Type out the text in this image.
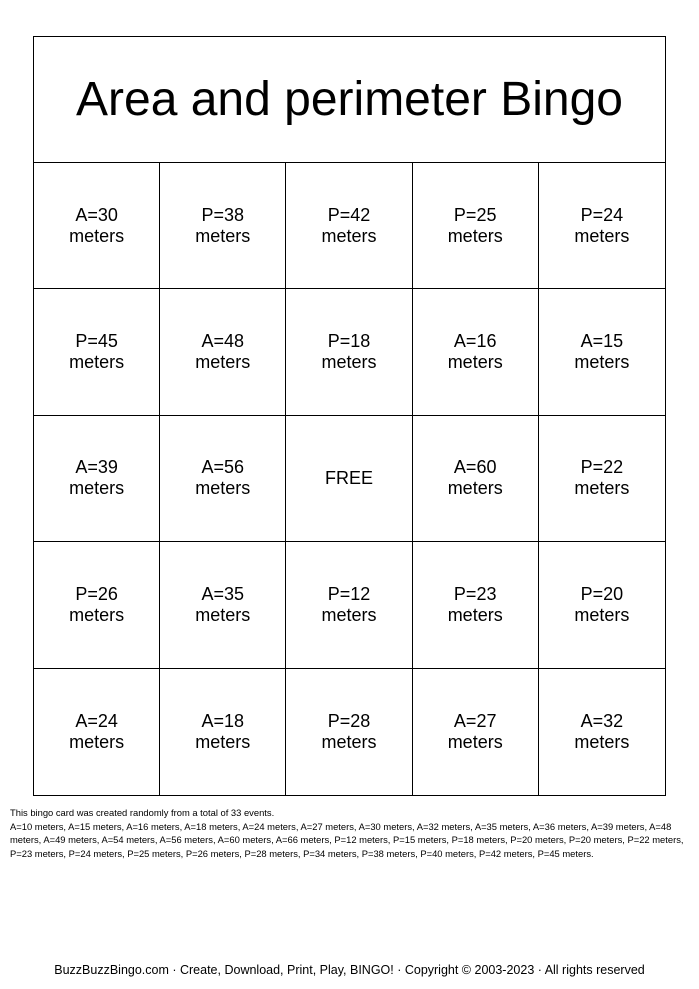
Area and perimeter Bingo
A=30
meters
P=38
meters
P=42
meters
P=25
meters
P=24
meters
P=45
meters
A=48
meters
P=18
meters
A=16
meters
A=15
meters
A=39
meters
A=56
meters
FREE
A=60
meters
P=22
meters
P=26
meters
A=35
meters
P=12
meters
P=23
meters
P=20
meters
A=24
meters
A=18
meters
P=28
meters
A=27
meters
A=32
meters
This bingo card was created randomly from a total of 33 events.
A=10 meters, A=15 meters, A=16 meters, A=18 meters, A=24 meters, A=27 meters, A=30 meters, A=32 meters, A=35 meters, A=36 meters, A=39 meters, A=48 meters, A=49 meters, A=54 meters, A=56 meters, A=60 meters, A=66 meters, P=12 meters, P=15 meters, P=18 meters, P=20 meters, P=20 meters, P=22 meters, P=23 meters, P=24 meters, P=25 meters, P=26 meters, P=28 meters, P=34 meters, P=38 meters, P=40 meters, P=42 meters, P=45 meters.
BuzzBuzzBingo.com · Create, Download, Print, Play, BINGO! · Copyright © 2003-2023 · All rights reserved
